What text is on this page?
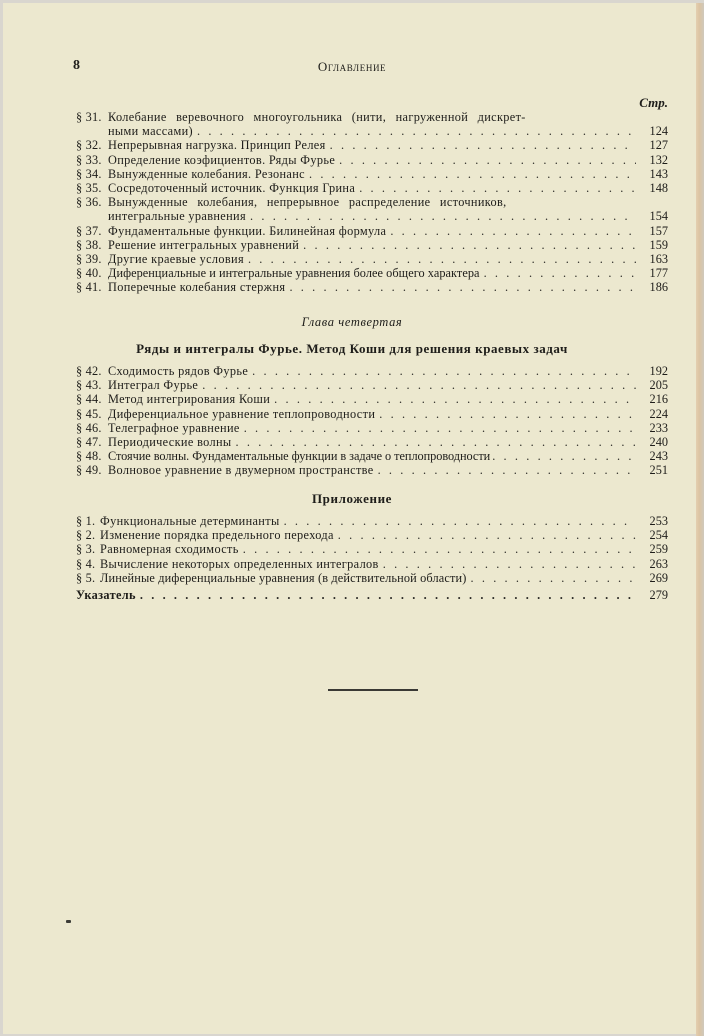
8	Оглавление
Стр.
§ 31. Колебание веревочного многоугольника (нити, нагруженной дискрет-
ными массами) . . .	124
§ 32. Непрерывная нагрузка. Принцип Релея . . .	127
§ 33. Определение коэфициентов. Ряды Фурье . . .	132
§ 34. Вынужденные колебания. Резонанс . . .	143
§ 35. Сосредоточенный источник. Функция Грина . . .	148
§ 36. Вынужденные колебания, непрерывное распределение источников,
интегральные уравнения . . .	154
§ 37. Фундаментальные функции. Билинейная формула . . .	157
§ 38. Решение интегральных уравнений . . .	159
§ 39. Другие краевые условия . . .	163
§ 40. Диференциальные и интегральные уравнения более общего характера . . .	177
§ 41. Поперечные колебания стержня . . .	186
Глава четвертая
Ряды и интегралы Фурье. Метод Коши для решения краевых задач
§ 42. Сходимость рядов Фурье . . .	192
§ 43. Интеграл Фурье . . .	205
§ 44. Метод интегрирования Коши . . .	216
§ 45. Диференциальное уравнение теплопроводности . . .	224
§ 46. Телеграфное уравнение . . .	233
§ 47. Периодические волны . . .	240
§ 48. Стоячие волны. Фундаментальные функции в задаче о теплопроводности . . .	243
§ 49. Волновое уравнение в двумерном пространстве . . .	251
Приложение
§ 1. Функциональные детерминанты . . .	253
§ 2. Изменение порядка предельного перехода . . .	254
§ 3. Равномерная сходимость . . .	259
§ 4. Вычисление некоторых определенных интегралов . . .	263
§ 5. Линейные диференциальные уравнения (в действительной области) . . .	269
Указатель . . .	279
